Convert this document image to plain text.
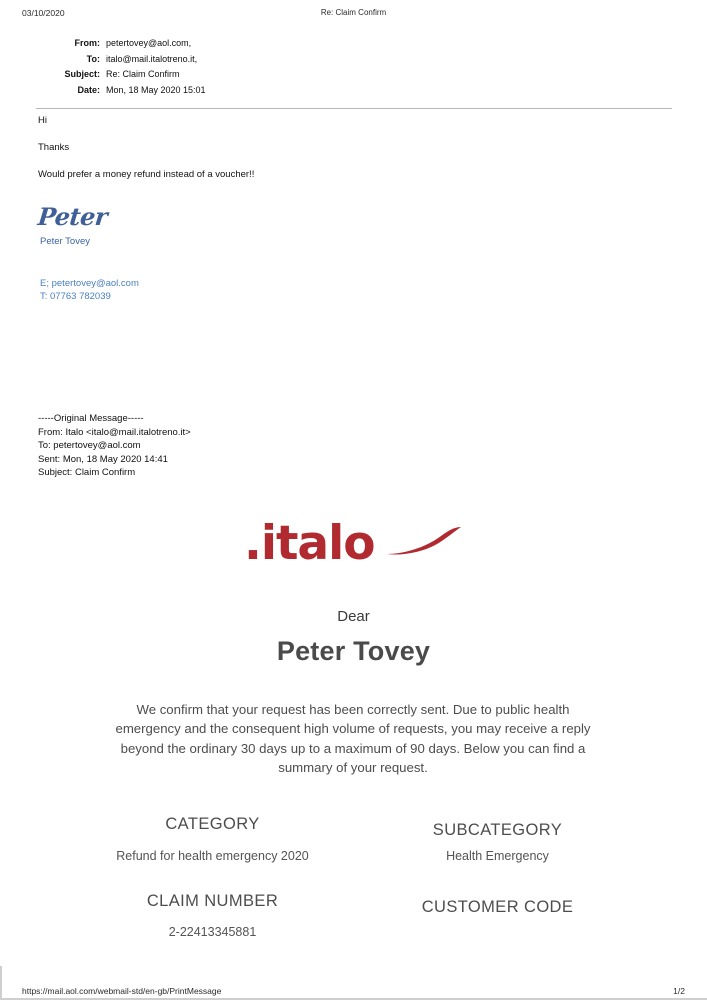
03/10/2020	Re: Claim Confirm
From: petertovey@aol.com,
To: italo@mail.italotreno.it,
Subject: Re: Claim Confirm
Date: Mon, 18 May 2020 15:01

Hi

Thanks

Would prefer a money refund instead of a voucher!!

Peter
Peter Tovey
E; petertovey@aol.com
T: 07763 782039
-----Original Message-----
From: Italo <italo@mail.italotreno.it>
To: petertovey@aol.com
Sent: Mon, 18 May 2020 14:41
Subject: Claim Confirm
.italo
Dear
Peter Tovey
We confirm that your request has been correctly sent. Due to public health emergency and the consequent high volume of requests, you may receive a reply beyond the ordinary 30 days up to a maximum of 90 days. Below you can find a summary of your request.
CATEGORY
Refund for health emergency 2020
SUBCATEGORY
Health Emergency
CLAIM NUMBER
2-22413345881
CUSTOMER CODE
https://mail.aol.com/webmail-std/en-gb/PrintMessage	1/2
